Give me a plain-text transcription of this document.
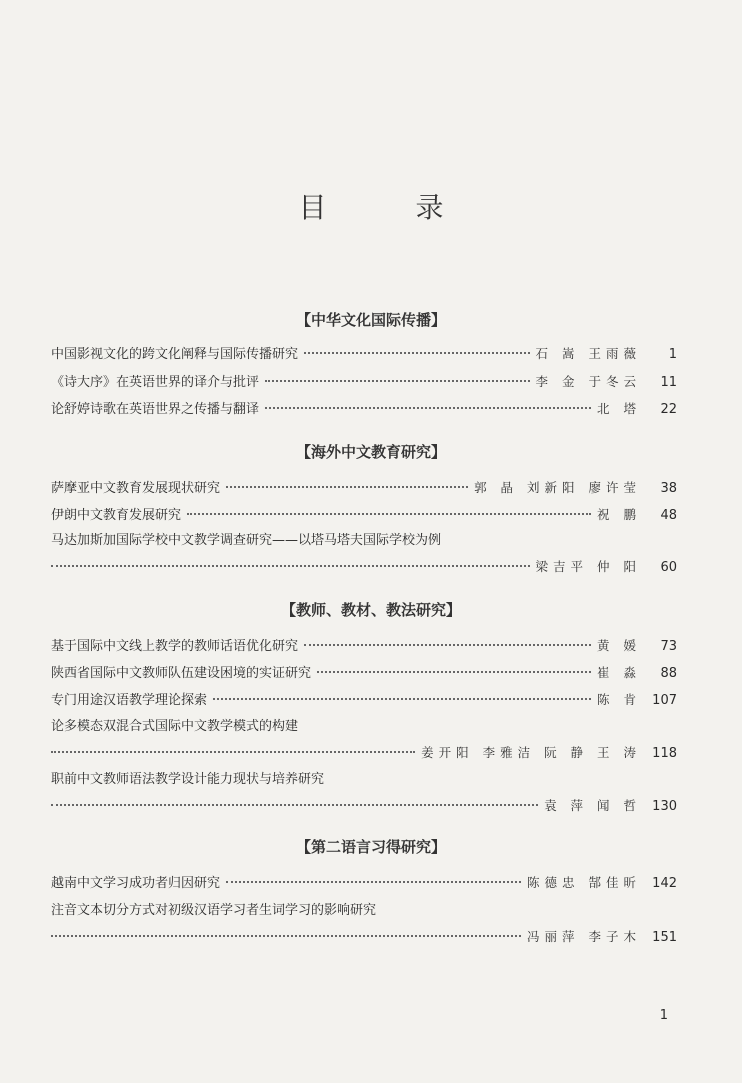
目 录
【中华文化国际传播】
中国影视文化的跨文化阐释与国际传播研究	石 嵩 王雨薇	1
《诗大序》在英语世界的译介与批评	李 金 于冬云	11
论舒婷诗歌在英语世界之传播与翻译	北 塔	22
【海外中文教育研究】
萨摩亚中文教育发展现状研究	郭 晶 刘新阳 廖许莹	38
伊朗中文教育发展研究	祝 鹏	48
马达加斯加国际学校中文教学调查研究——以塔马塔夫国际学校为例
梁吉平 仲 阳	60
【教师、教材、教法研究】
基于国际中文线上教学的教师话语优化研究	黄 媛	73
陕西省国际中文教师队伍建设困境的实证研究	崔 淼	88
专门用途汉语教学理论探索	陈 肯 107
论多模态双混合式国际中文教学模式的构建
姜开阳 李雅洁 阮 静 王 涛 118
职前中文教师语法教学设计能力现状与培养研究
袁 萍 闻 哲 130
【第二语言习得研究】
越南中文学习成功者归因研究	陈德忠 郜佳昕 142
注音文本切分方式对初级汉语学习者生词学习的影响研究
冯丽萍 李子木 151
1
